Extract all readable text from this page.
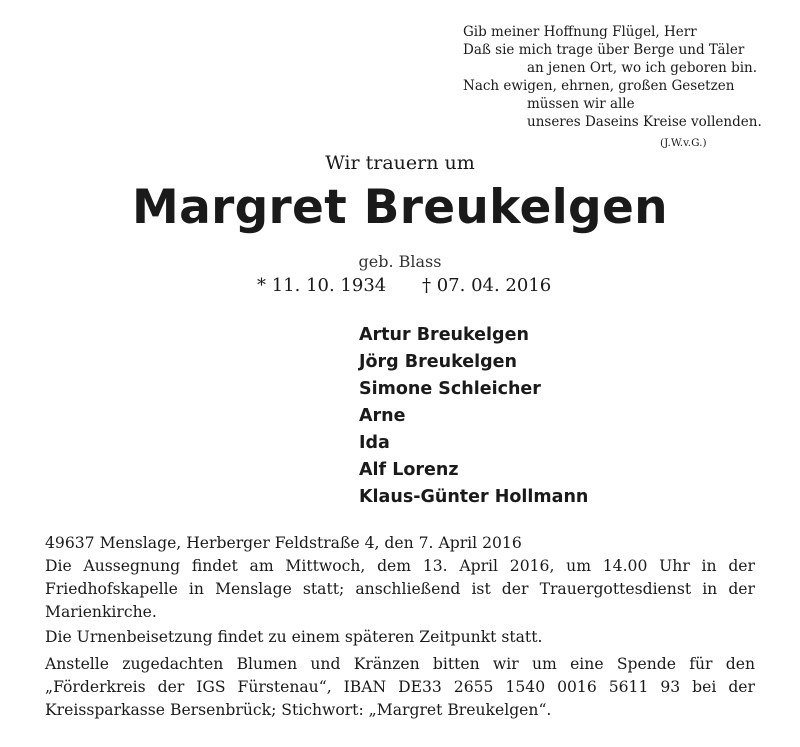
Gib meiner Hoffnung Flügel, Herr
Daß sie mich trage über Berge und Täler
an jenen Ort, wo ich geboren bin.
Nach ewigen, ehrnen, großen Gesetzen
müssen wir alle
unseres Daseins Kreise vollenden.
(J.W.v.G.)
Wir trauern um
Margret Breukelgen
geb. Blass
* 11. 10. 1934 † 07. 04. 2016
Artur Breukelgen
Jörg Breukelgen
Simone Schleicher
Arne
Ida
Alf Lorenz
Klaus-Günter Hollmann
49637 Menslage, Herberger Feldstraße 4, den 7. April 2016
Die Aussegnung findet am Mittwoch, dem 13. April 2016, um 14.00 Uhr in der
Friedhofskapelle in Menslage statt; anschließend ist der Trauergottesdienst in der
Marienkirche.
Die Urnenbeisetzung findet zu einem späteren Zeitpunkt statt.
Anstelle zugedachten Blumen und Kränzen bitten wir um eine Spende für den
„Förderkreis der IGS Fürstenau“, IBAN DE33 2655 1540 0016 5611 93 bei der
Kreissparkasse Bersenbrück; Stichwort: „Margret Breukelgen“.
